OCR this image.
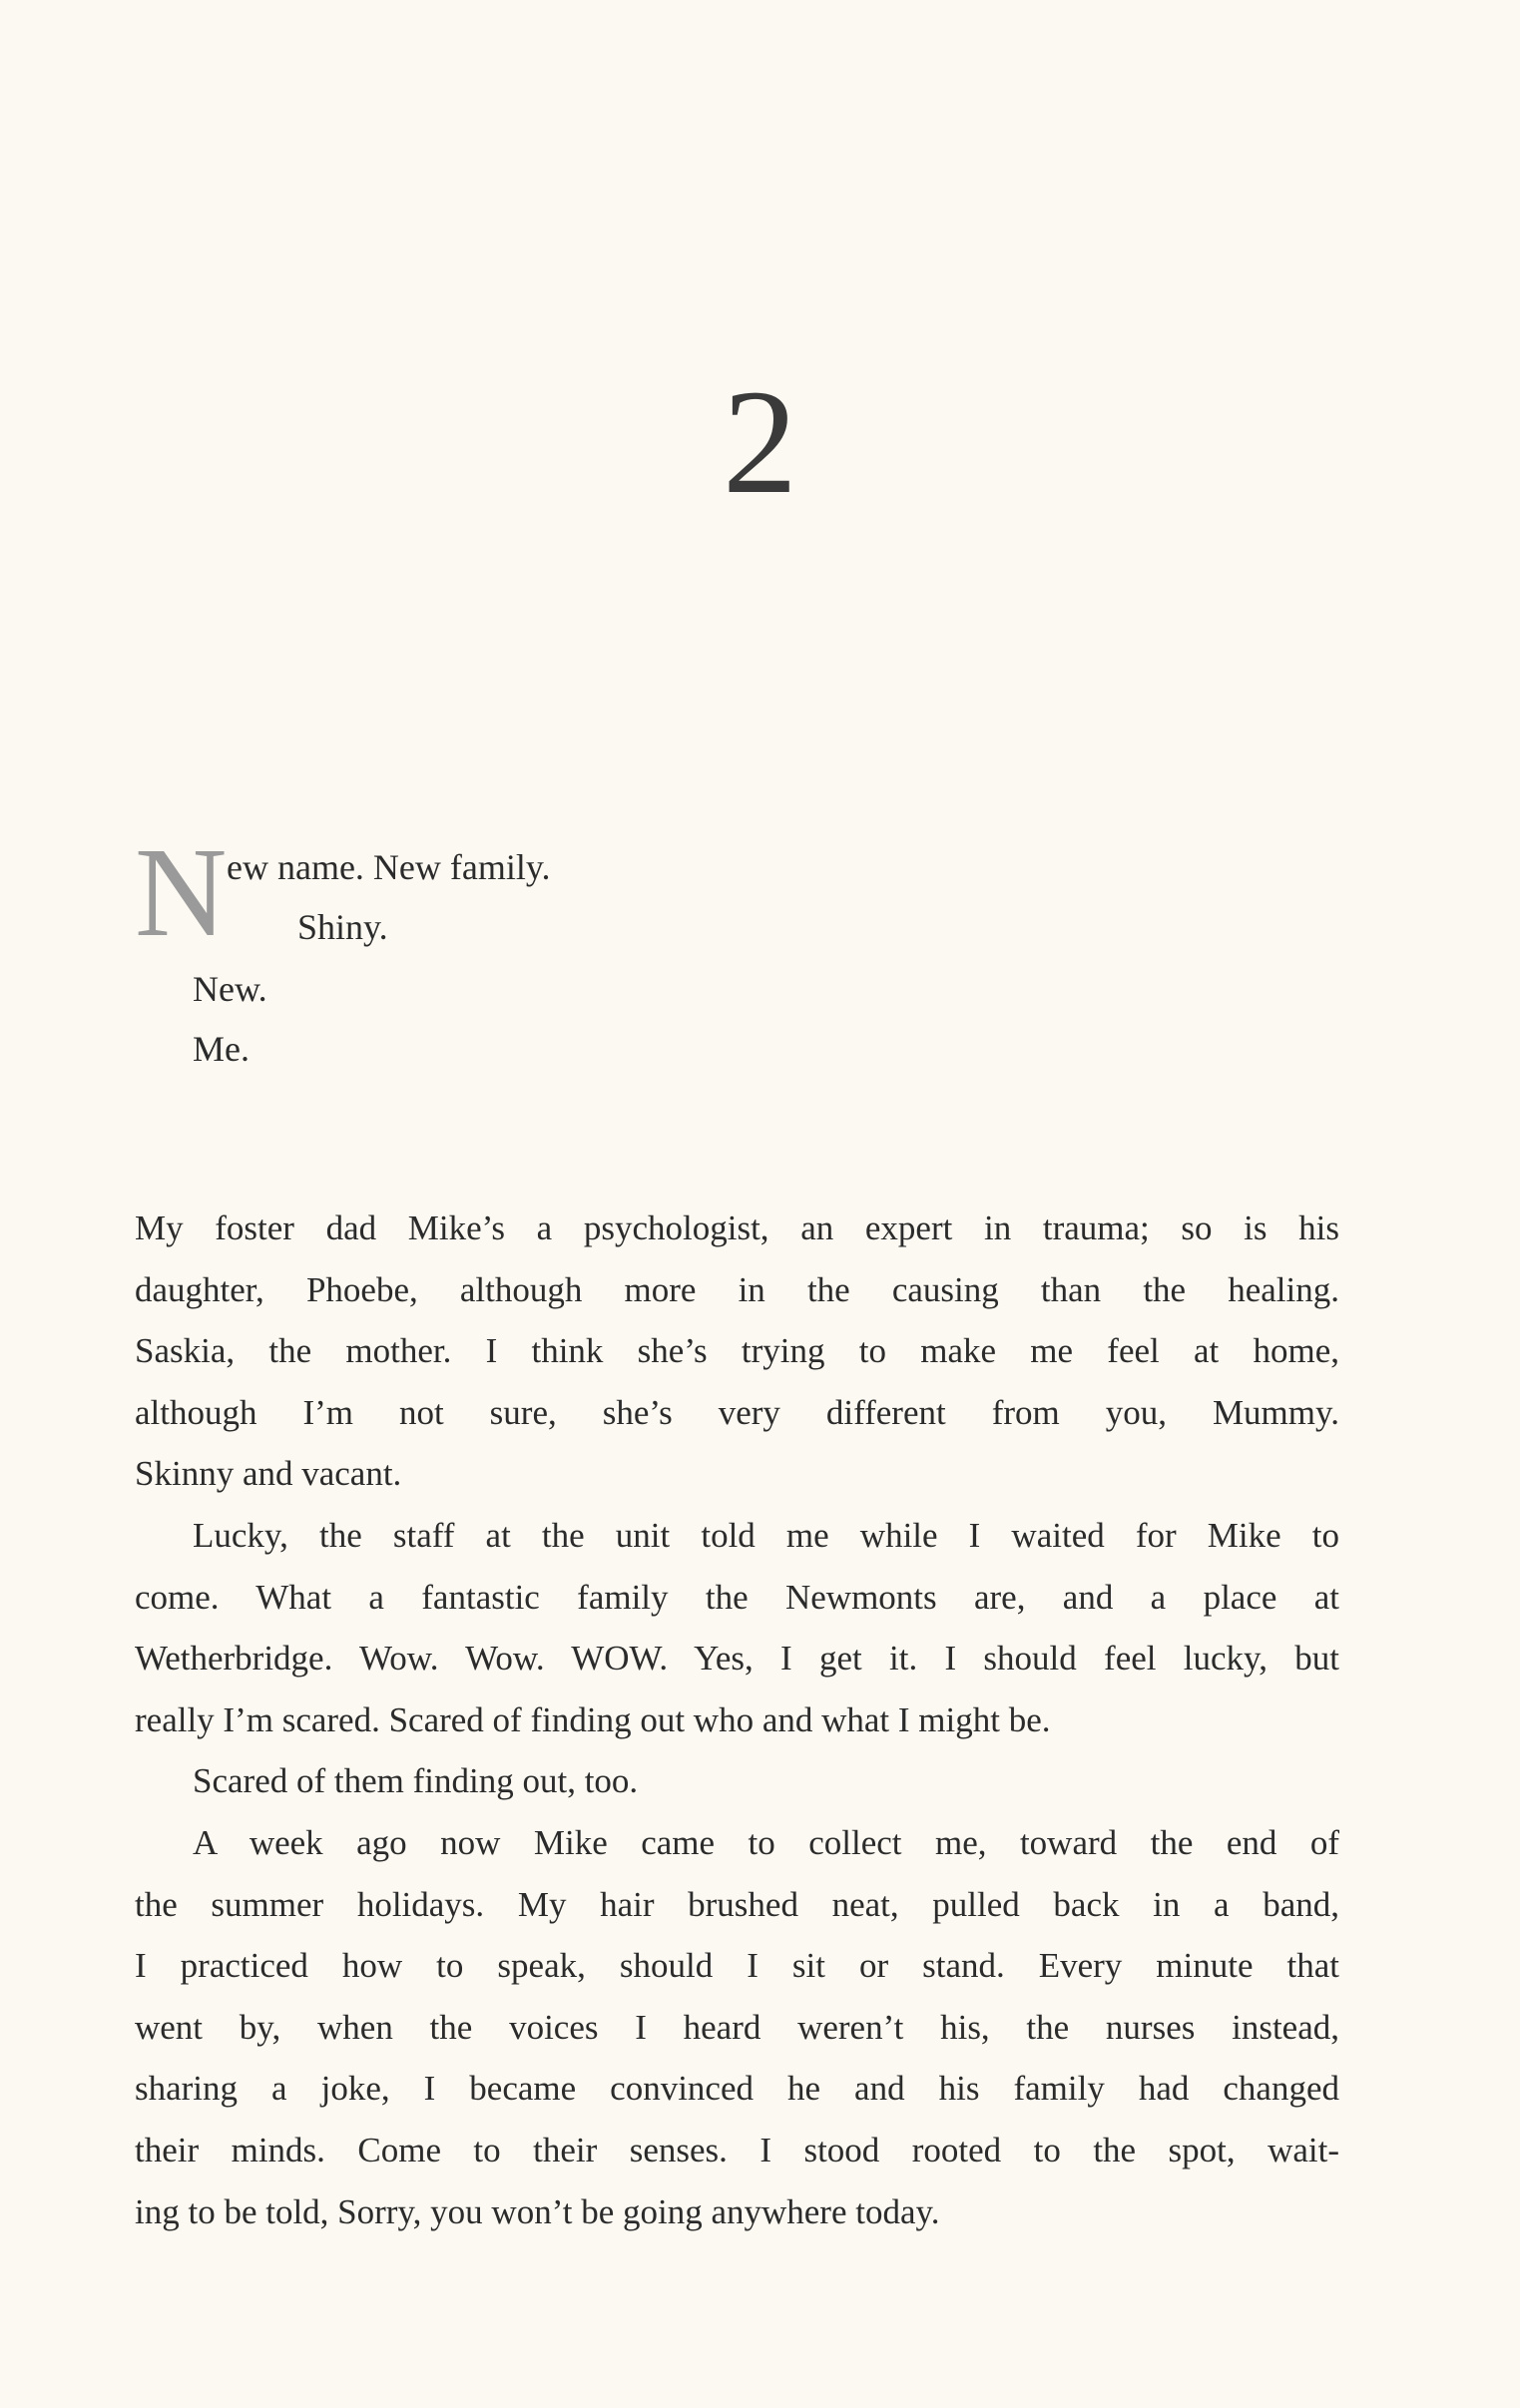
2
N ew name. New family.
Shiny.
New.
Me.
My foster dad Mike’s a psychologist, an expert in trauma; so is his
daughter, Phoebe, although more in the causing than the healing.
Saskia, the mother. I think she’s trying to make me feel at home,
although I’m not sure, she’s very different from you, Mummy.
Skinny and vacant.
Lucky, the staff at the unit told me while I waited for Mike to
come. What a fantastic family the Newmonts are, and a place at
Wetherbridge. Wow. Wow. WOW. Yes, I get it. I should feel lucky, but
really I’m scared. Scared of finding out who and what I might be.
Scared of them finding out, too.
A week ago now Mike came to collect me, toward the end of
the summer holidays. My hair brushed neat, pulled back in a band,
I practiced how to speak, should I sit or stand. Every minute that
went by, when the voices I heard weren’t his, the nurses instead,
sharing a joke, I became convinced he and his family had changed
their minds. Come to their senses. I stood rooted to the spot, wait-
ing to be told, Sorry, you won’t be going anywhere today.
